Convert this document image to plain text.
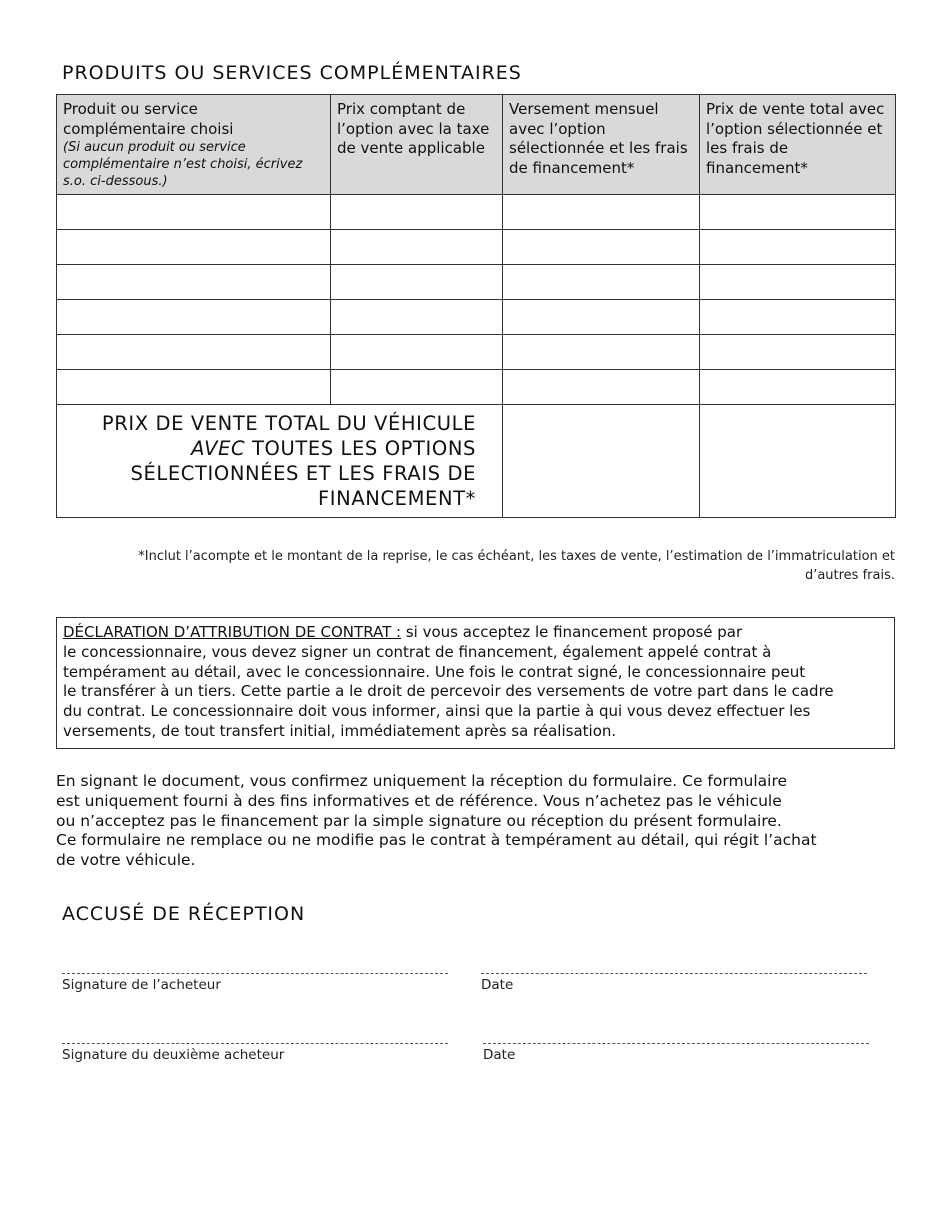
PRODUITS OU SERVICES COMPLÉMENTAIRES
Produit ou service
complémentaire choisi
(Si aucun produit ou service complémentaire n’est choisi, écrivez s.o. ci-dessous.)	Prix comptant de l’option avec la taxe de vente applicable	Versement mensuel avec l’option sélectionnée et les frais de financement*	Prix de vente total avec l’option sélectionnée et les frais de financement*

PRIX DE VENTE TOTAL DU VÉHICULE
AVEC TOUTES LES OPTIONS
SÉLECTIONNÉES ET LES FRAIS DE
FINANCEMENT*			

*Inclut l’acompte et le montant de la reprise, le cas échéant, les taxes de vente, l’estimation de l’immatriculation et
d’autres frais.
DÉCLARATION D’ATTRIBUTION DE CONTRAT : si vous acceptez le financement proposé par
le concessionnaire, vous devez signer un contrat de financement, également appelé contrat à
tempérament au détail, avec le concessionnaire. Une fois le contrat signé, le concessionnaire peut
le transférer à un tiers. Cette partie a le droit de percevoir des versements de votre part dans le cadre
du contrat. Le concessionnaire doit vous informer, ainsi que la partie à qui vous devez effectuer les
versements, de tout transfert initial, immédiatement après sa réalisation.
En signant le document, vous confirmez uniquement la réception du formulaire. Ce formulaire
est uniquement fourni à des fins informatives et de référence. Vous n’achetez pas le véhicule
ou n’acceptez pas le financement par la simple signature ou réception du présent formulaire.
Ce formulaire ne remplace ou ne modifie pas le contrat à tempérament au détail, qui régit l’achat
de votre véhicule.
ACCUSÉ DE RÉCEPTION
Signature de l’acheteur	Date
Signature du deuxième acheteur	Date
